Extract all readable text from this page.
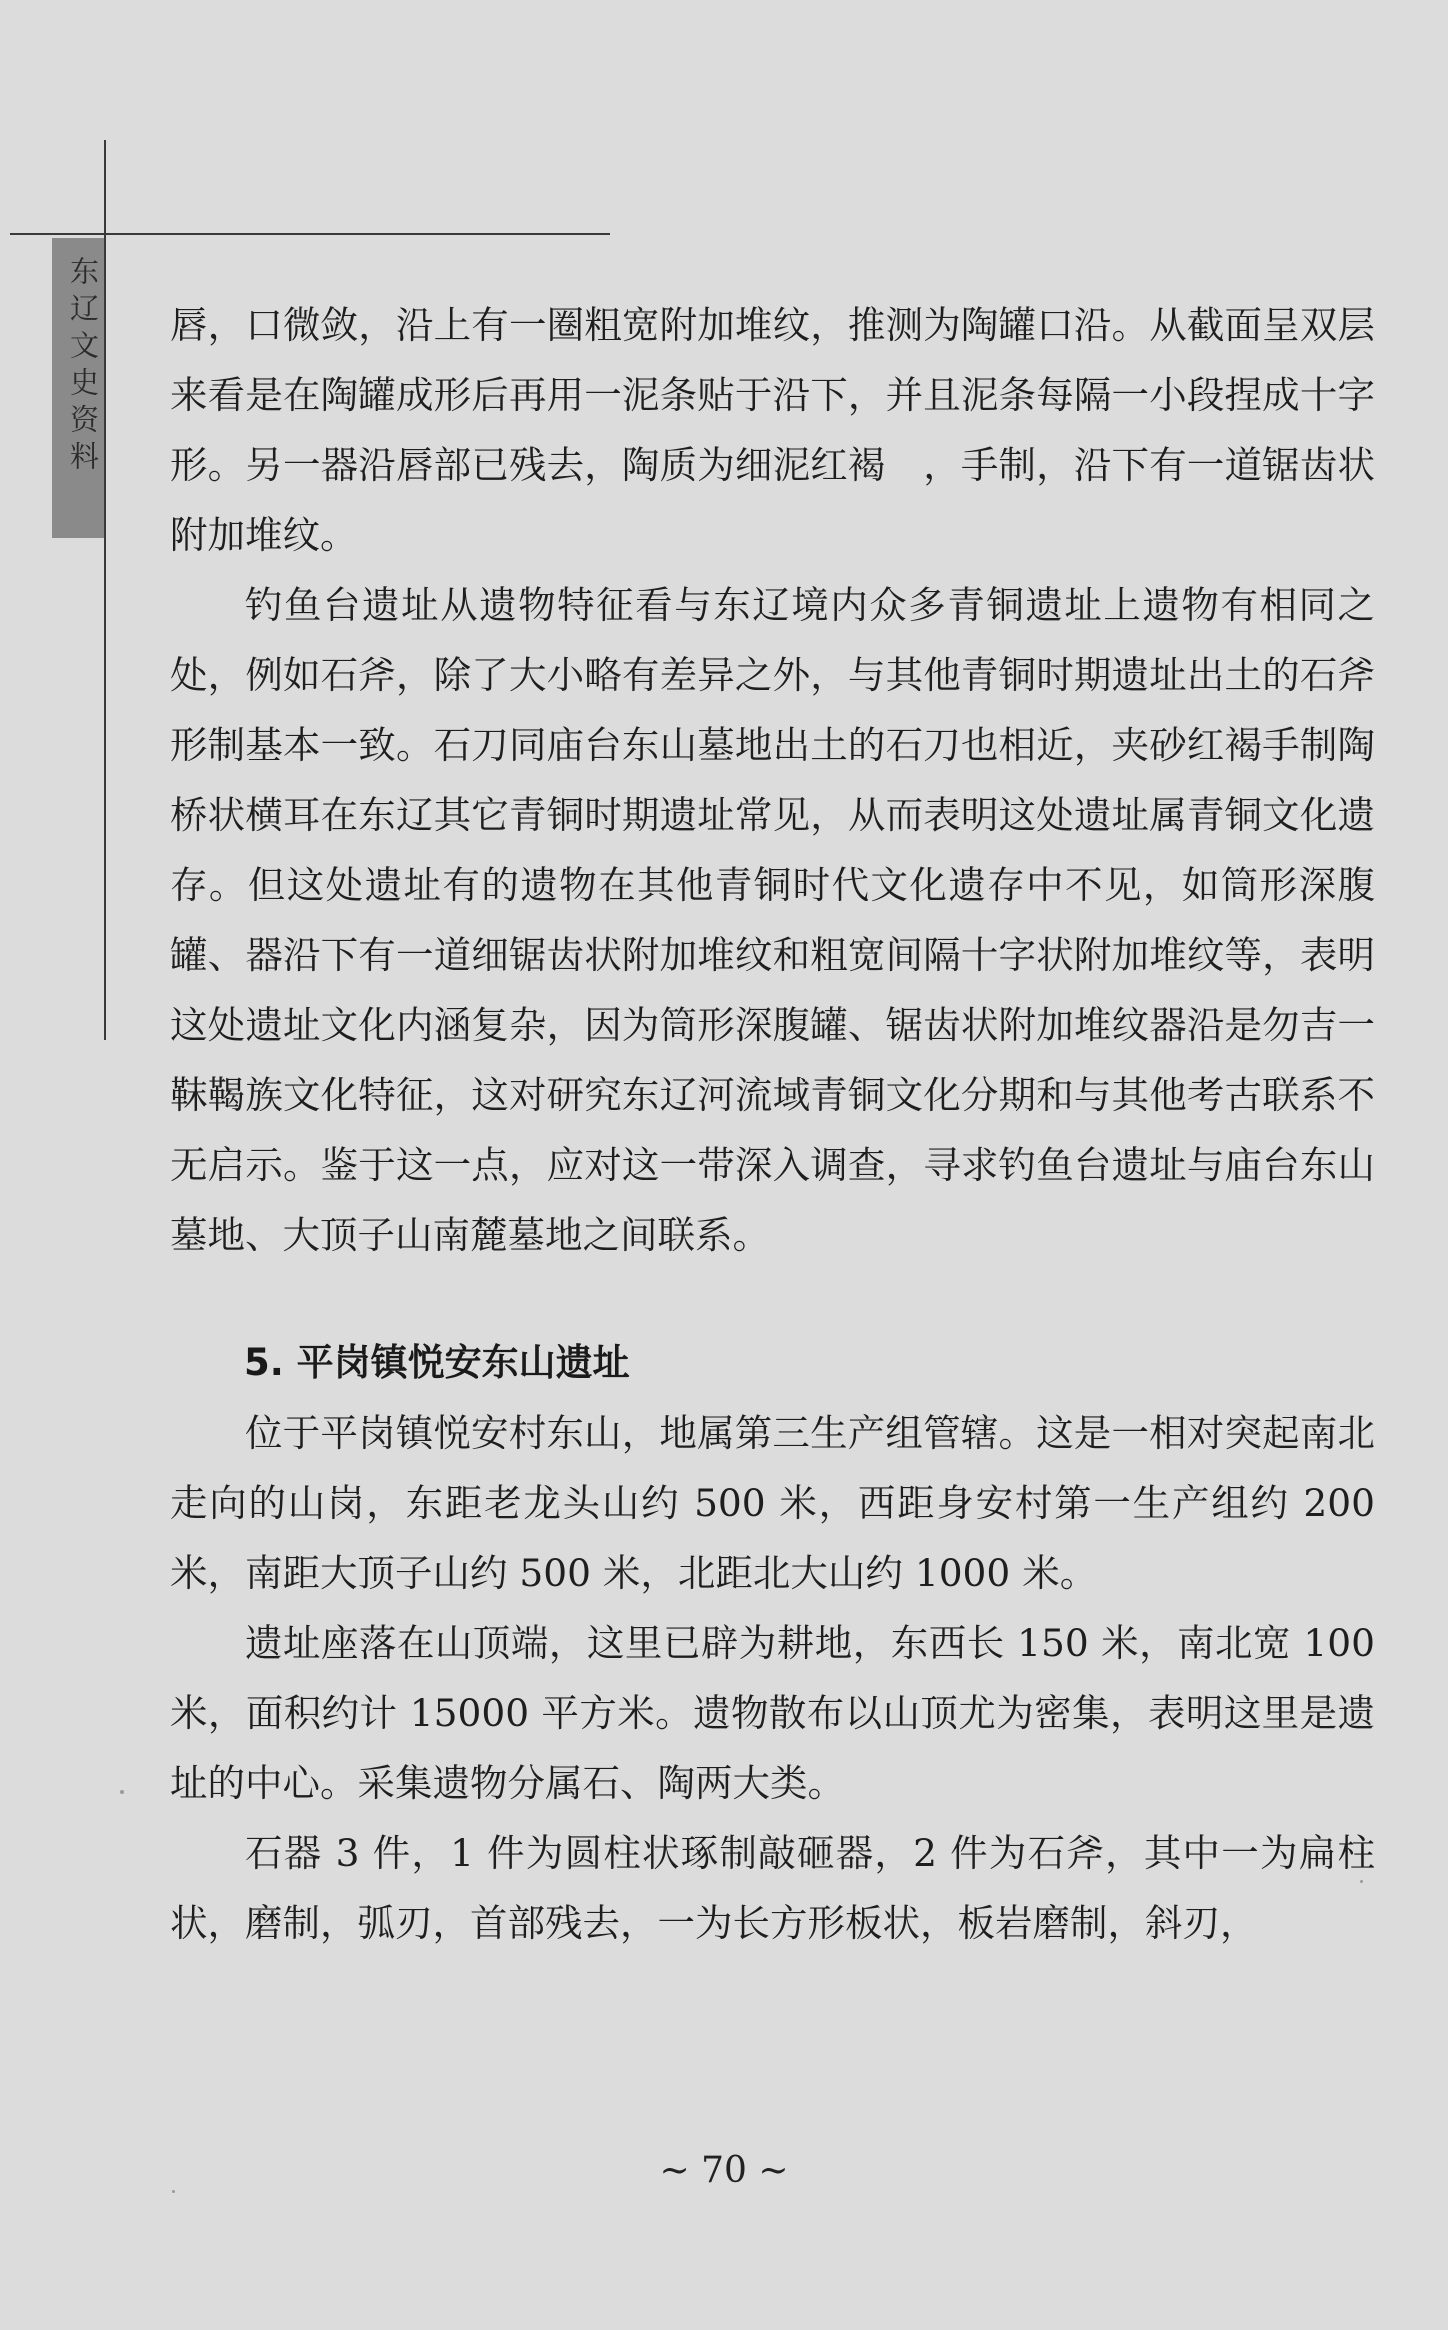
东辽文史资料 唇，口微敛，沿上有一圈粗宽附加堆纹，推测为陶罐口沿。从截面呈双层来看是在陶罐成形后再用一泥条贴于沿下，并且泥条每隔一小段捏成十字形。另一器沿唇部已残去，陶质为细泥红褐　，手制，沿下有一道锯齿状附加堆纹。

钓鱼台遗址从遗物特征看与东辽境内众多青铜遗址上遗物有相同之处，例如石斧，除了大小略有差异之外，与其他青铜时期遗址出土的石斧形制基本一致。石刀同庙台东山墓地出土的石刀也相近，夹砂红褐手制陶桥状横耳在东辽其它青铜时期遗址常见，从而表明这处遗址属青铜文化遗存。但这处遗址有的遗物在其他青铜时代文化遗存中不见，如筒形深腹罐、器沿下有一道细锯齿状附加堆纹和粗宽间隔十字状附加堆纹等，表明这处遗址文化内涵复杂，因为筒形深腹罐、锯齿状附加堆纹器沿是勿吉一靺鞨族文化特征，这对研究东辽河流域青铜文化分期和与其他考古联系不无启示。鉴于这一点，应对这一带深入调查，寻求钓鱼台遗址与庙台东山墓地、大顶子山南麓墓地之间联系。

5. 平岗镇悦安东山遗址

位于平岗镇悦安村东山，地属第三生产组管辖。这是一相对突起南北走向的山岗，东距老龙头山约 500 米，西距身安村第一生产组约 200 米，南距大顶子山约 500 米，北距北大山约 1000 米。

遗址座落在山顶端，这里已辟为耕地，东西长 150 米，南北宽 100 米，面积约计 15000 平方米。遗物散布以山顶尤为密集，表明这里是遗址的中心。采集遗物分属石、陶两大类。

石器 3 件，1 件为圆柱状琢制敲砸器，2 件为石斧，其中一为扁柱状，磨制，弧刃，首部残去，一为长方形板状，板岩磨制，斜刃，

~ 70 ~
